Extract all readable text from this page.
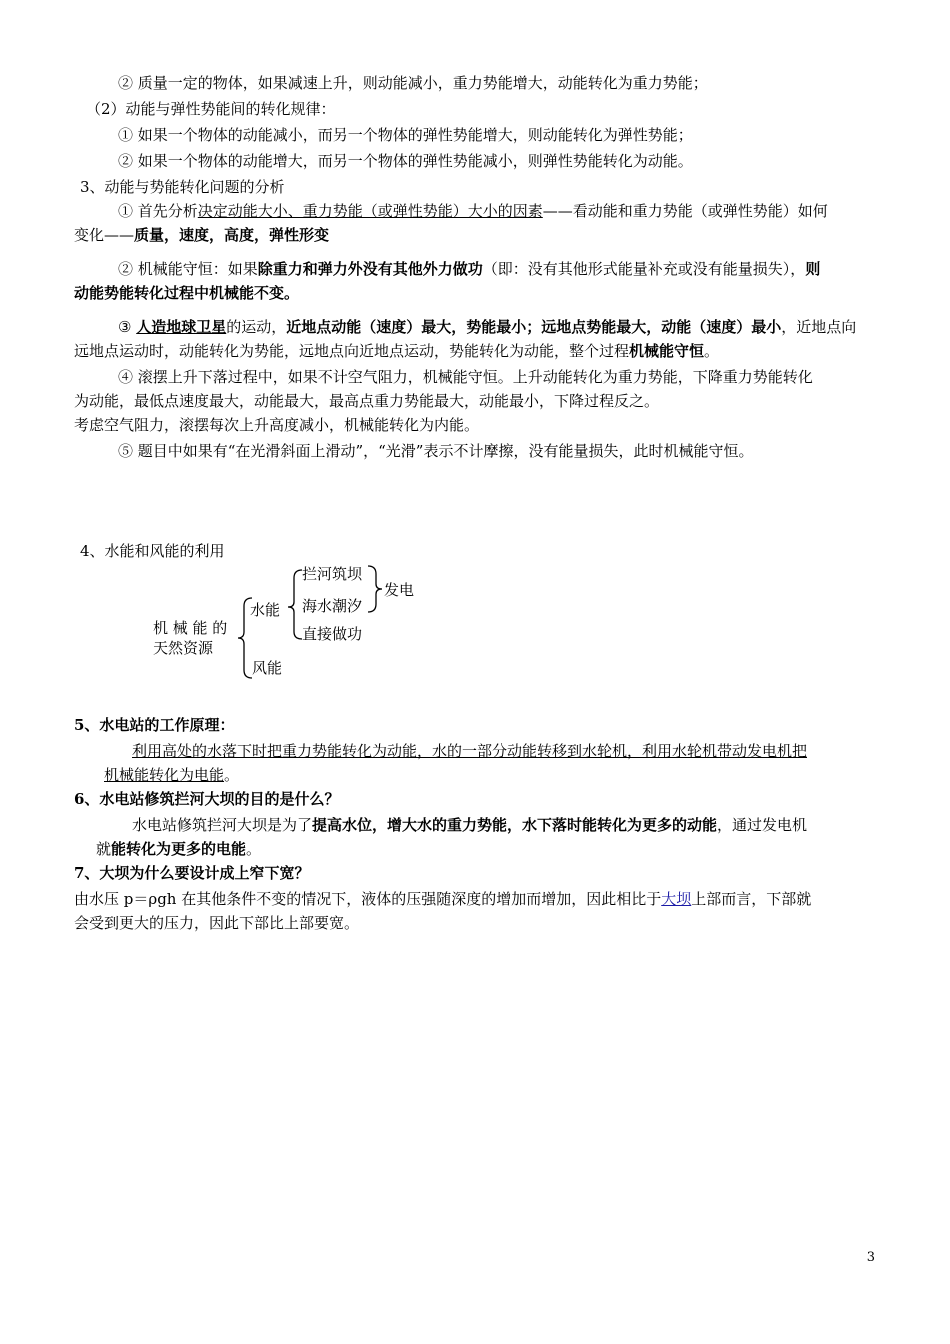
② 质量一定的物体，如果减速上升，则动能减小，重力势能增大，动能转化为重力势能；
（2）动能与弹性势能间的转化规律：
① 如果一个物体的动能减小，而另一个物体的弹性势能增大，则动能转化为弹性势能；
② 如果一个物体的动能增大，而另一个物体的弹性势能减小，则弹性势能转化为动能。
3、动能与势能转化问题的分析
① 首先分析决定动能大小、重力势能（或弹性势能）大小的因素——看动能和重力势能（或弹性势能）如何
变化——质量，速度，高度，弹性形变
② 机械能守恒：如果除重力和弹力外没有其他外力做功（即：没有其他形式能量补充或没有能量损失），则
动能势能转化过程中机械能不变。
③ 人造地球卫星的运动，近地点动能（速度）最大，势能最小；远地点势能最大，动能（速度）最小，近地点向
远地点运动时，动能转化为势能，远地点向近地点运动，势能转化为动能，整个过程机械能守恒。
④ 滚摆上升下落过程中，如果不计空气阻力，机械能守恒。上升动能转化为重力势能，下降重力势能转化
为动能，最低点速度最大，动能最大，最高点重力势能最大，动能最小，下降过程反之。
考虑空气阻力，滚摆每次上升高度减小，机械能转化为内能。
⑤ 题目中如果有“在光滑斜面上滑动”，“光滑”表示不计摩擦，没有能量损失，此时机械能守恒。
4、水能和风能的利用
机 械 能 的
天然资源
水能
风能
拦河筑坝
海水潮汐
直接做功
发电
5、水电站的工作原理：
利用高处的水落下时把重力势能转化为动能，水的一部分动能转移到水轮机，利用水轮机带动发电机把
机械能转化为电能。
6、水电站修筑拦河大坝的目的是什么？
水电站修筑拦河大坝是为了提高水位，增大水的重力势能，水下落时能转化为更多的动能，通过发电机
就能转化为更多的电能。
7、大坝为什么要设计成上窄下宽？
由水压 p＝ρgh 在其他条件不变的情况下，液体的压强随深度的增加而增加，因此相比于大坝上部而言，下部就
会受到更大的压力，因此下部比上部要宽。
3
